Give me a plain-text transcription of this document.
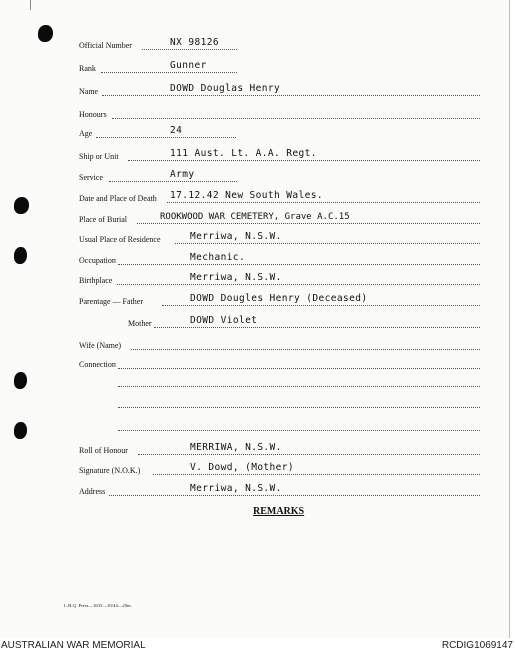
Official Number	NX 98126
Rank	Gunner
Name	DOWD Douglas Henry
Honours
Age	24
Ship or Unit	111 Aust. Lt. A.A. Regt.
Service	Army
Date and Place of Death 17.12.42 New South Wales.
Place of Burial	ROOKWOOD WAR CEMETERY, Grave A.C.15
Usual Place of Residence	Merriwa, N.S.W.
Occupation	Mechanic.
Birthplace	Merriwa, N.S.W.
Parentage — Father	DOWD Dougles Henry (Deceased)
Mother	DOWD Violet
Wife (Name)
Connection
Roll of Honour	MERRIWA, N.S.W.
Signature (N.O.K.)	V. Dowd, (Mother)
Address	Merriwa, N.S.W.
REMARKS
L.H.Q. Press—1635—10/44—20m.
AUSTRALIAN WAR MEMORIAL	RCDIG1069147
